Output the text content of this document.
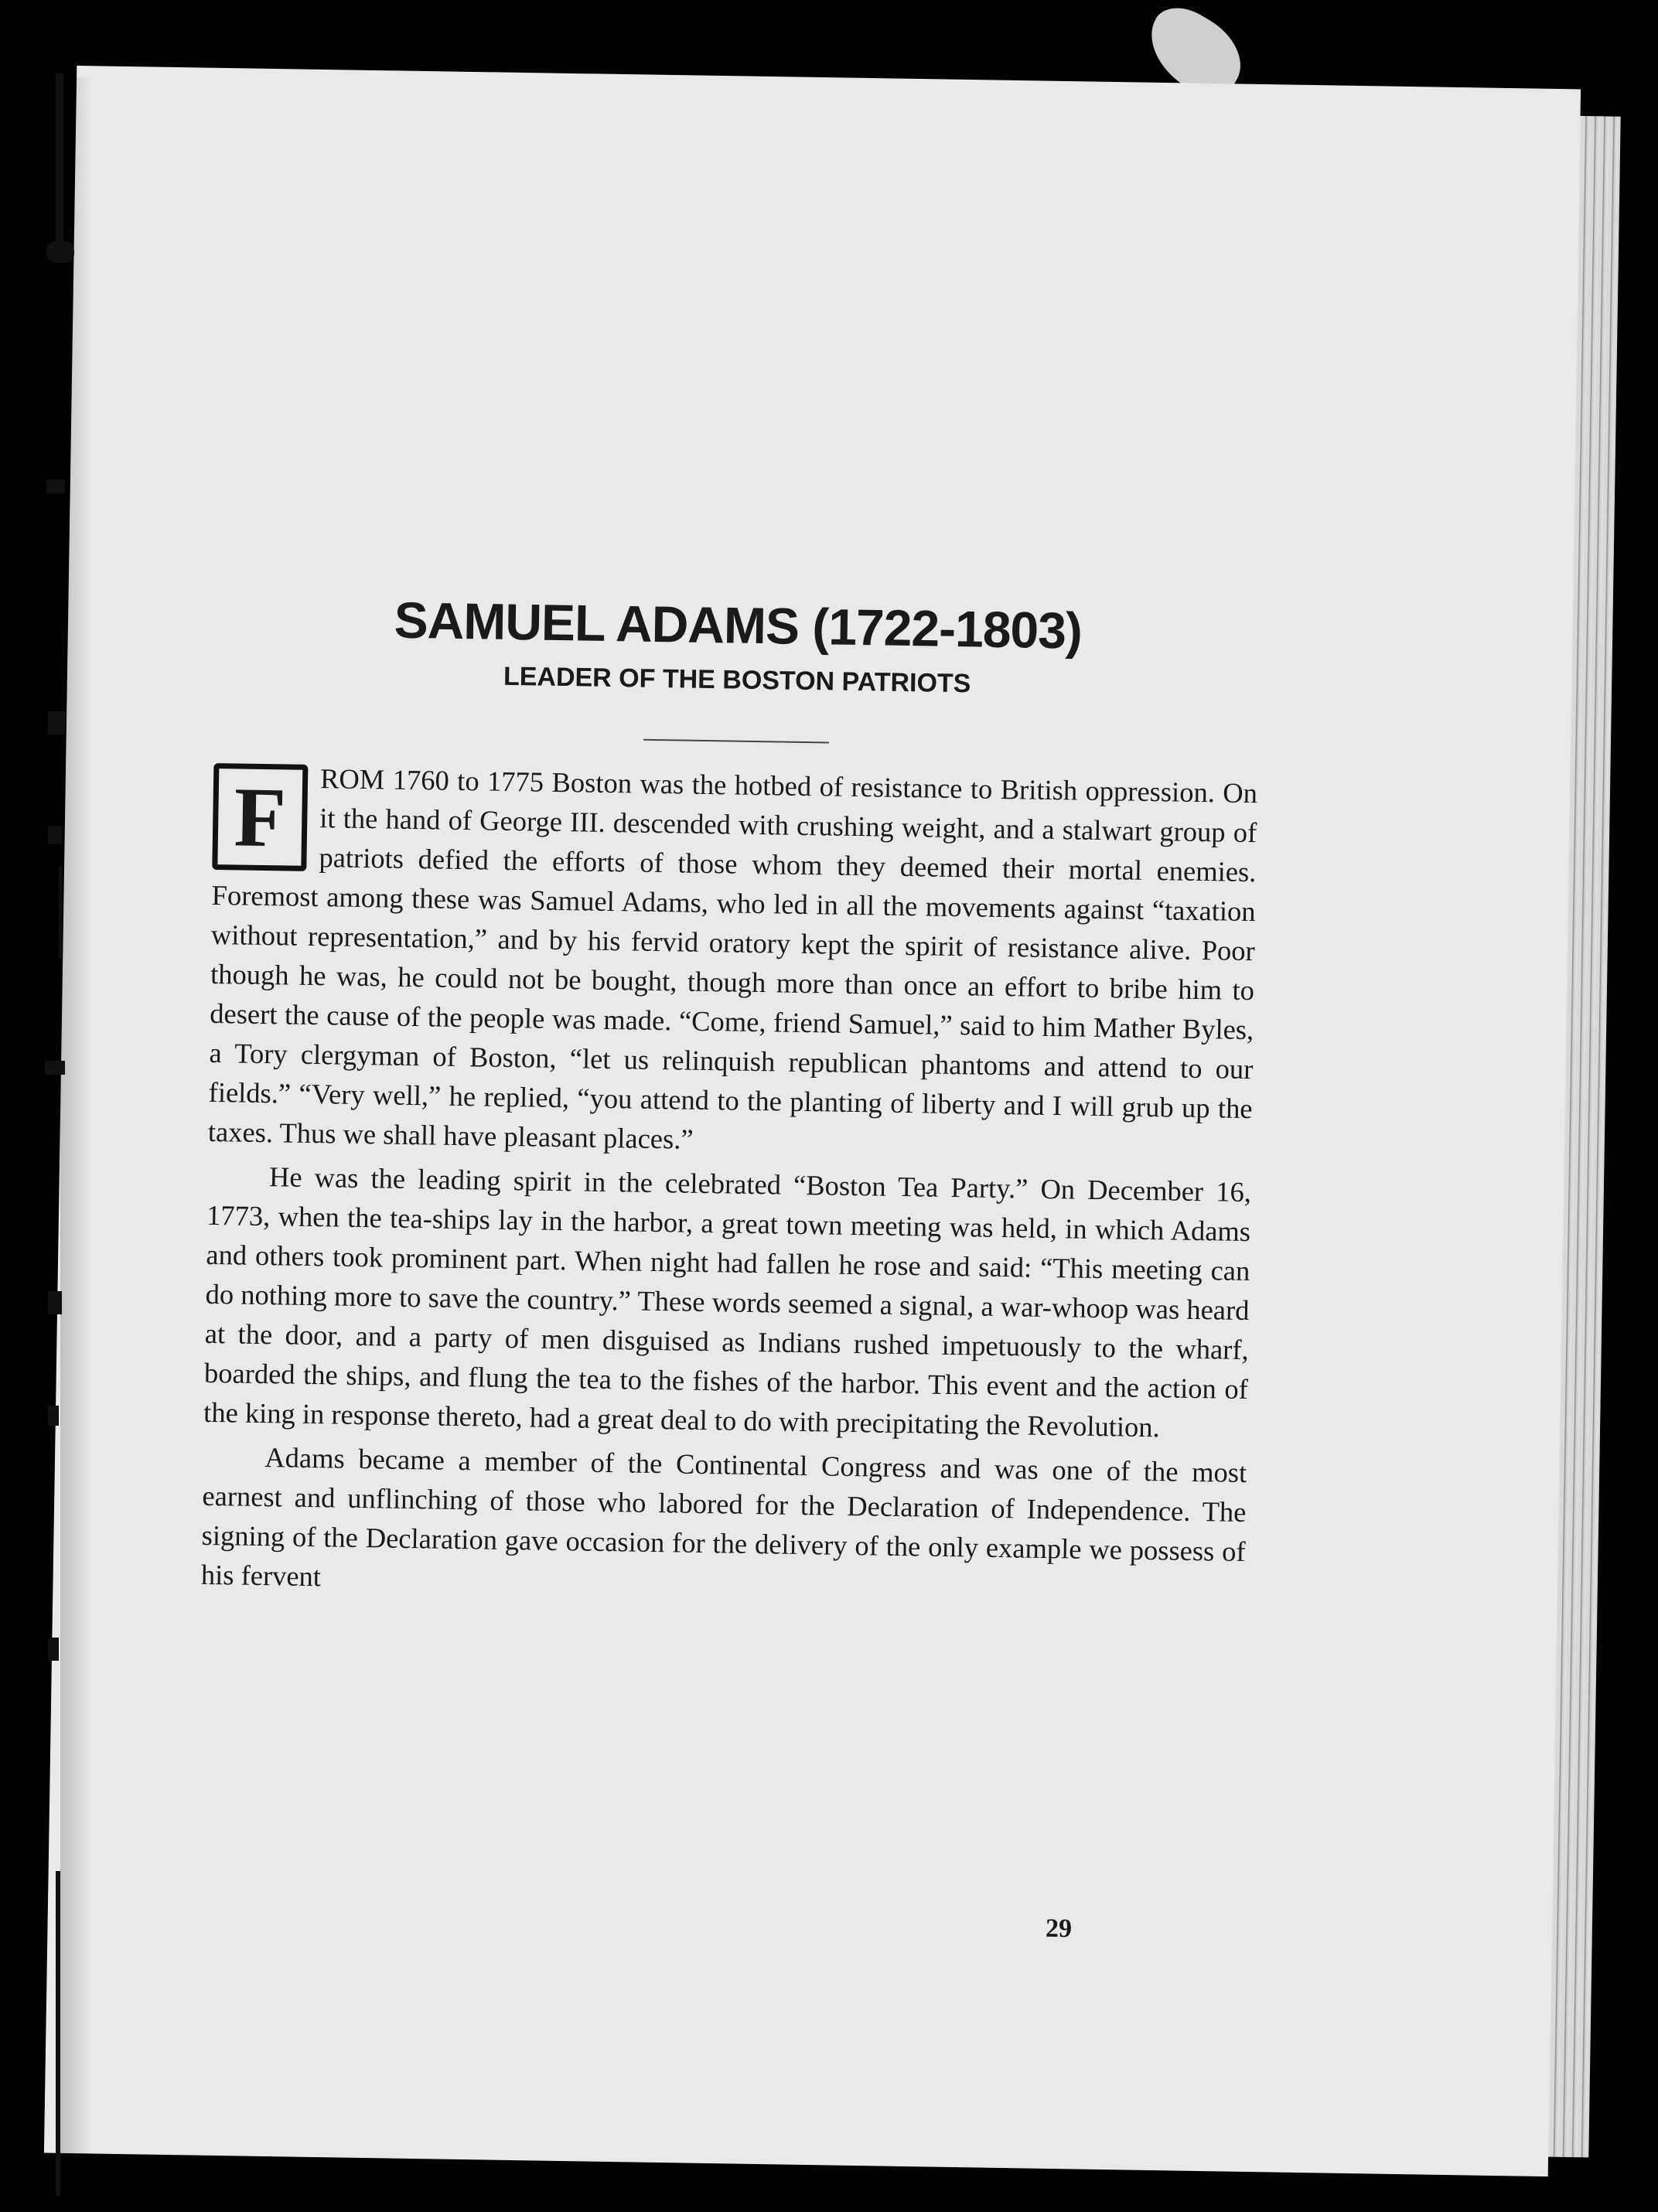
SAMUEL ADAMS (1722-1803)
LEADER OF THE BOSTON PATRIOTS

F	ROM 1760 to 1775 Boston was the hotbed of resistance to British oppression. On it the hand of George III. descended with crushing weight, and a stalwart group of patriots defied the efforts of those whom they deemed their mortal enemies. Foremost among these was Samuel Adams, who led in all the movements against “taxation without representation,” and by his fervid oratory kept the spirit of resistance alive. Poor though he was, he could not be bought, though more than once an effort to bribe him to desert the cause of the people was made. “Come, friend Samuel,” said to him Mather Byles, a Tory clergyman of Boston, “let us relinquish republican phantoms and attend to our fields.” “Very well,” he replied, “you attend to the planting of liberty and I will grub up the taxes. Thus we shall have pleasant places.”

He was the leading spirit in the celebrated “Boston Tea Party.” On December 16, 1773, when the tea-ships lay in the harbor, a great town meeting was held, in which Adams and others took prominent part. When night had fallen he rose and said: “This meeting can do nothing more to save the country.” These words seemed a signal, a war-whoop was heard at the door, and a party of men disguised as Indians rushed impetuously to the wharf, boarded the ships, and flung the tea to the fishes of the harbor. This event and the action of the king in response thereto, had a great deal to do with precipitating the Revolution.

Adams became a member of the Continental Congress and was one of the most earnest and unflinching of those who labored for the Declaration of Independence. The signing of the Declaration gave occasion for the delivery of the only example we possess of his fervent

29
